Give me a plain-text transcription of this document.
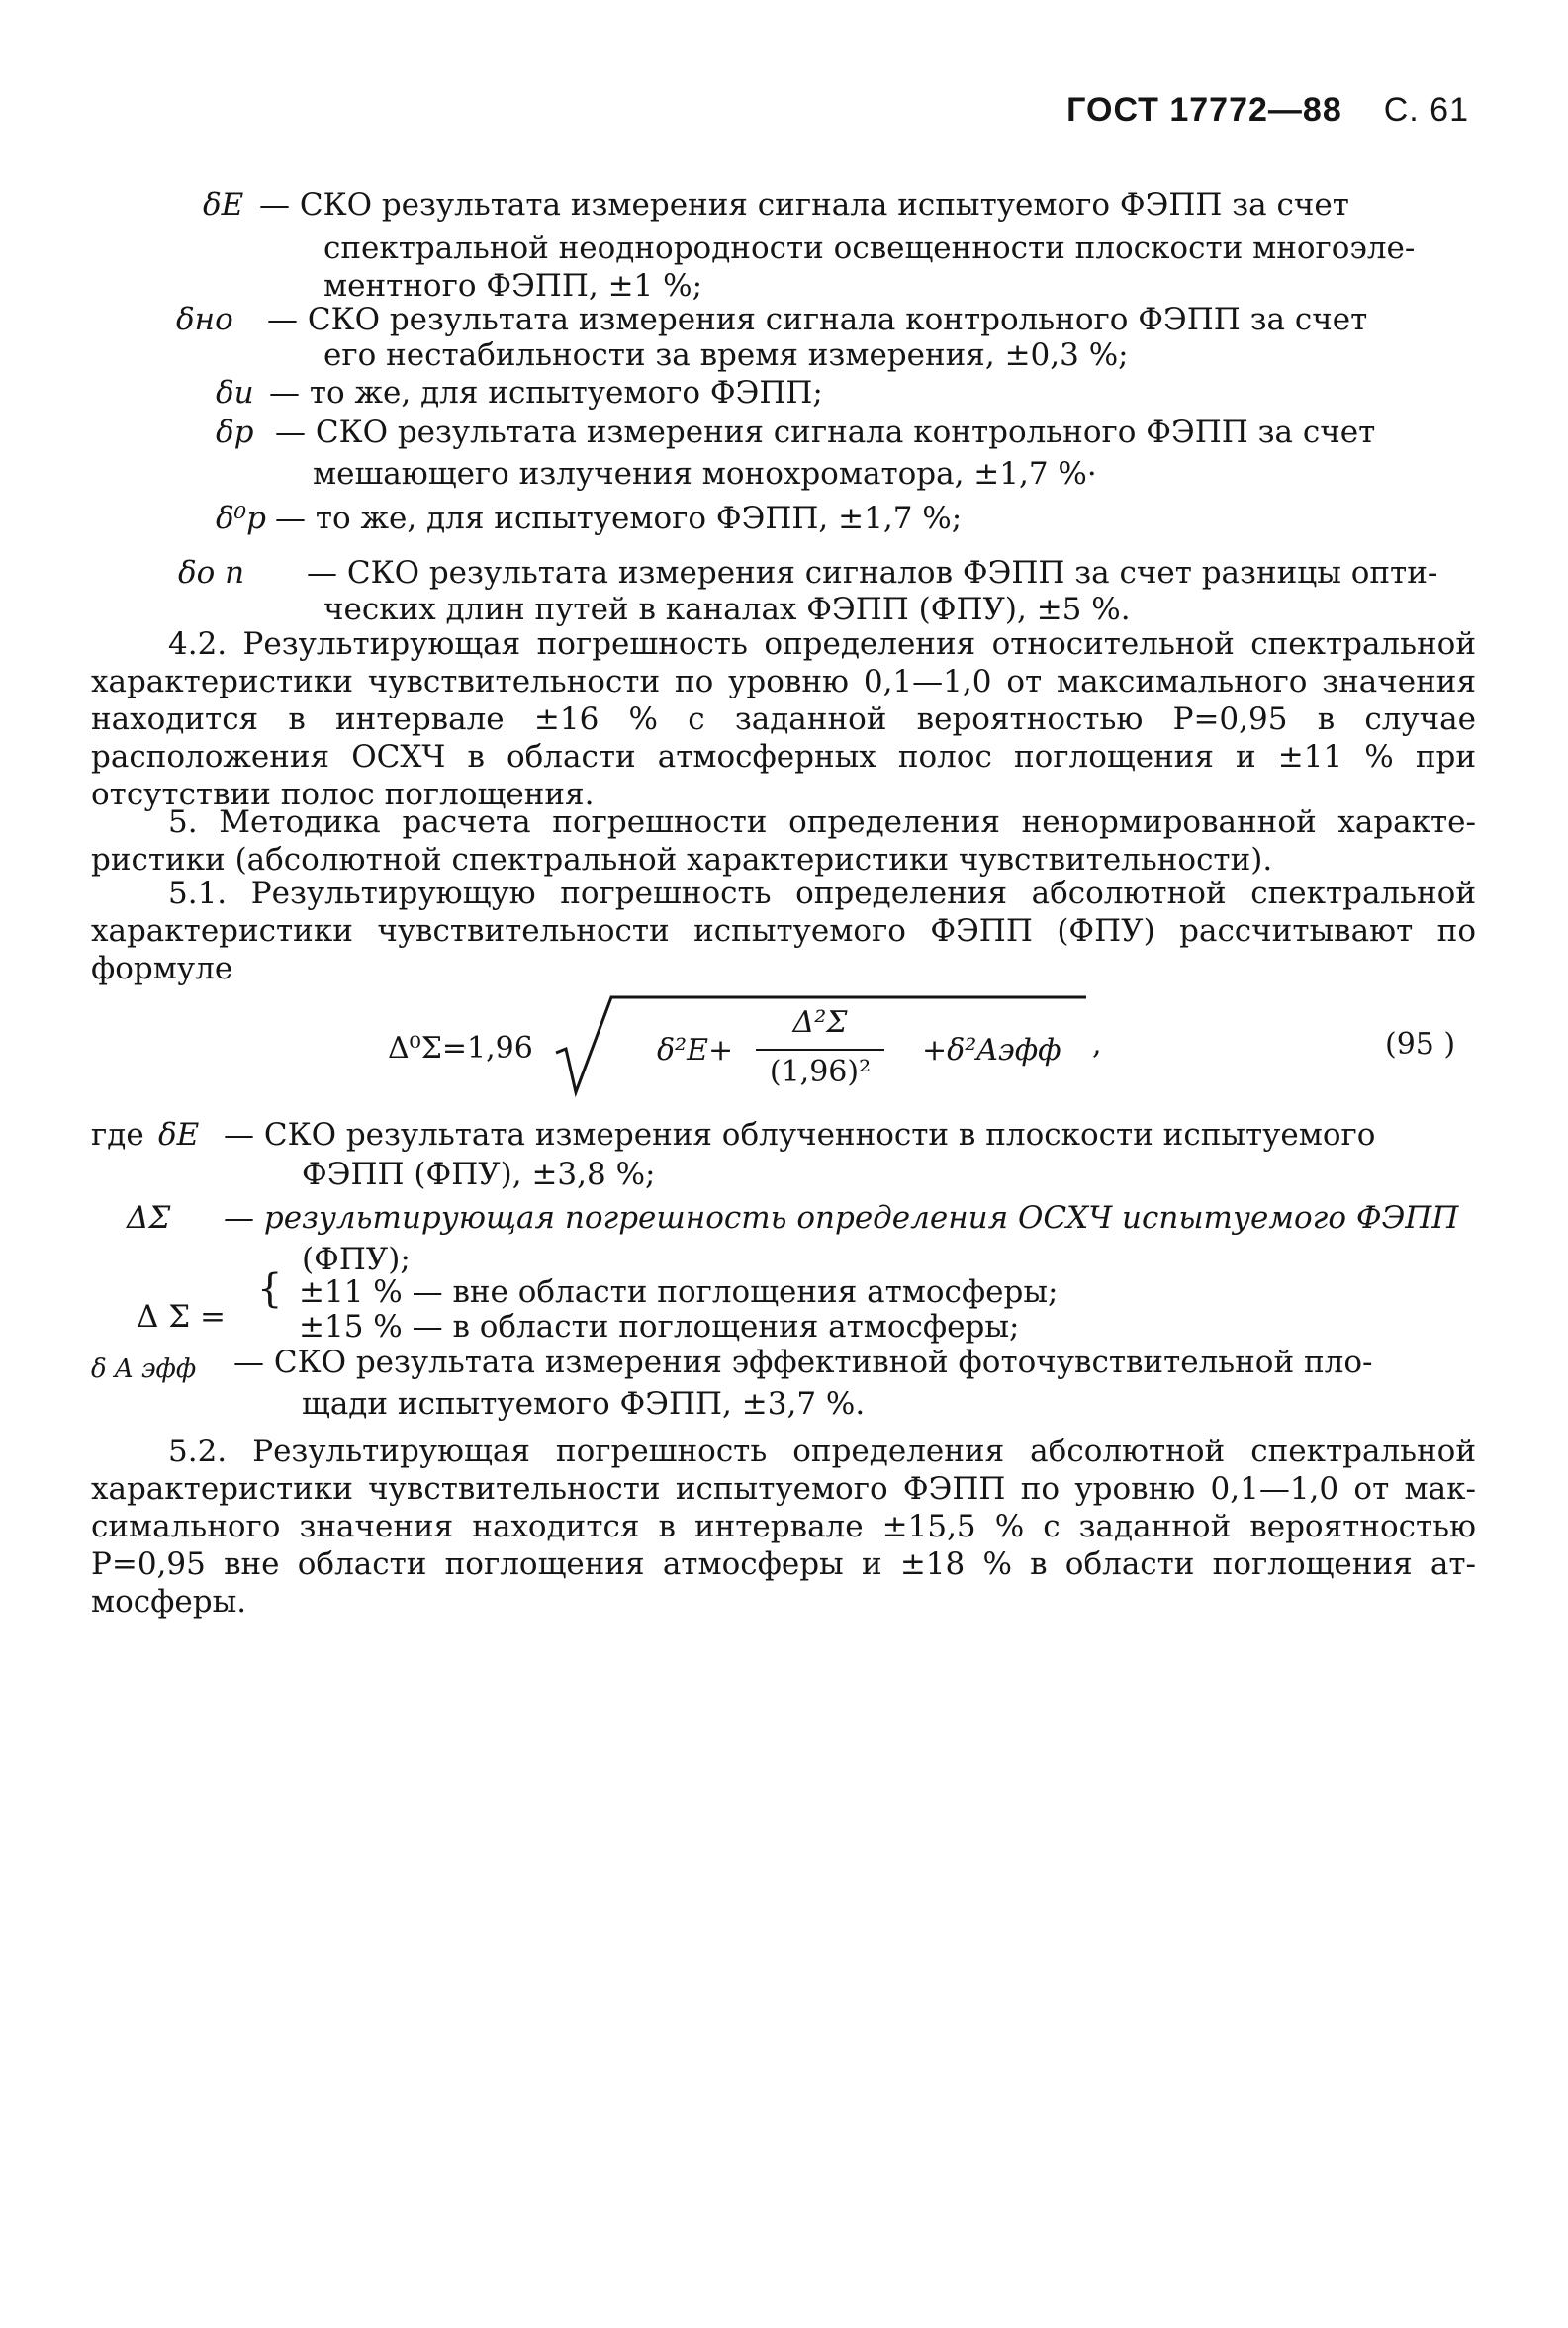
ГОСТ 17772—88 С. 61
δE — СКО результата измерения сигнала испытуемого ФЭПП за счет
спектральной неоднородности освещенности плоскости многоэле-
ментного ФЭПП, ±1 %;
δно — СКО результата измерения сигнала контрольного ФЭПП за счет
его нестабильности за время измерения, ±0,3 %;
δи — то же, для испытуемого ФЭПП;
δр — СКО результата измерения сигнала контрольного ФЭПП за счет
мешающего излучения монохроматора, ±1,7 %·
δ⁰р — то же, для испытуемого ФЭПП, ±1,7 %;
δо п — СКО результата измерения сигналов ФЭПП за счет разницы опти-
ческих длин путей в каналах ФЭПП (ФПУ), ±5 %.
4.2. Результирующая погрешность определения относительной спектральной характеристики чувствительности по уровню 0,1—1,0 от максимального значения находится в интервале ±16 % с заданной вероятностью P=0,95 в случае расположения ОСХЧ в области атмосферных полос поглощения и ±11 % при отсутствии полос поглощения.
5. Методика расчета погрешности определения ненормированной характеристики (абсолютной спектральной характеристики чувствительности).
5.1. Результирующую погрешность определения абсолютной спектральной характеристики чувствительности испытуемого ФЭПП (ФПУ) рассчитывают по формуле
Δ⁰Σ=1,96	δ²E+
Δ²Σ
(1,96)²
+δ²Aэфф ,	(95 )
где δE — СКО результата измерения облученности в плоскости испытуемого
ФЭПП (ФПУ), ±3,8 %;
ΔΣ — результирующая погрешность определения ОСХЧ испытуемого ФЭПП
(ФПУ);
Δ Σ =
{ ±11 % — вне области поглощения атмосферы;
±15 % — в области поглощения атмосферы;
δ A эфф — СКО результата измерения эффективной фоточувствительной пло-
щади испытуемого ФЭПП, ±3,7 %.
5.2. Результирующая погрешность определения абсолютной спектральной характеристики чувствительности испытуемого ФЭПП по уровню 0,1—1,0 от максимального значения находится в интервале ±15,5 % с заданной вероятностью P=0,95 вне области поглощения атмосферы и ±18 % в области поглощения атмосферы.
